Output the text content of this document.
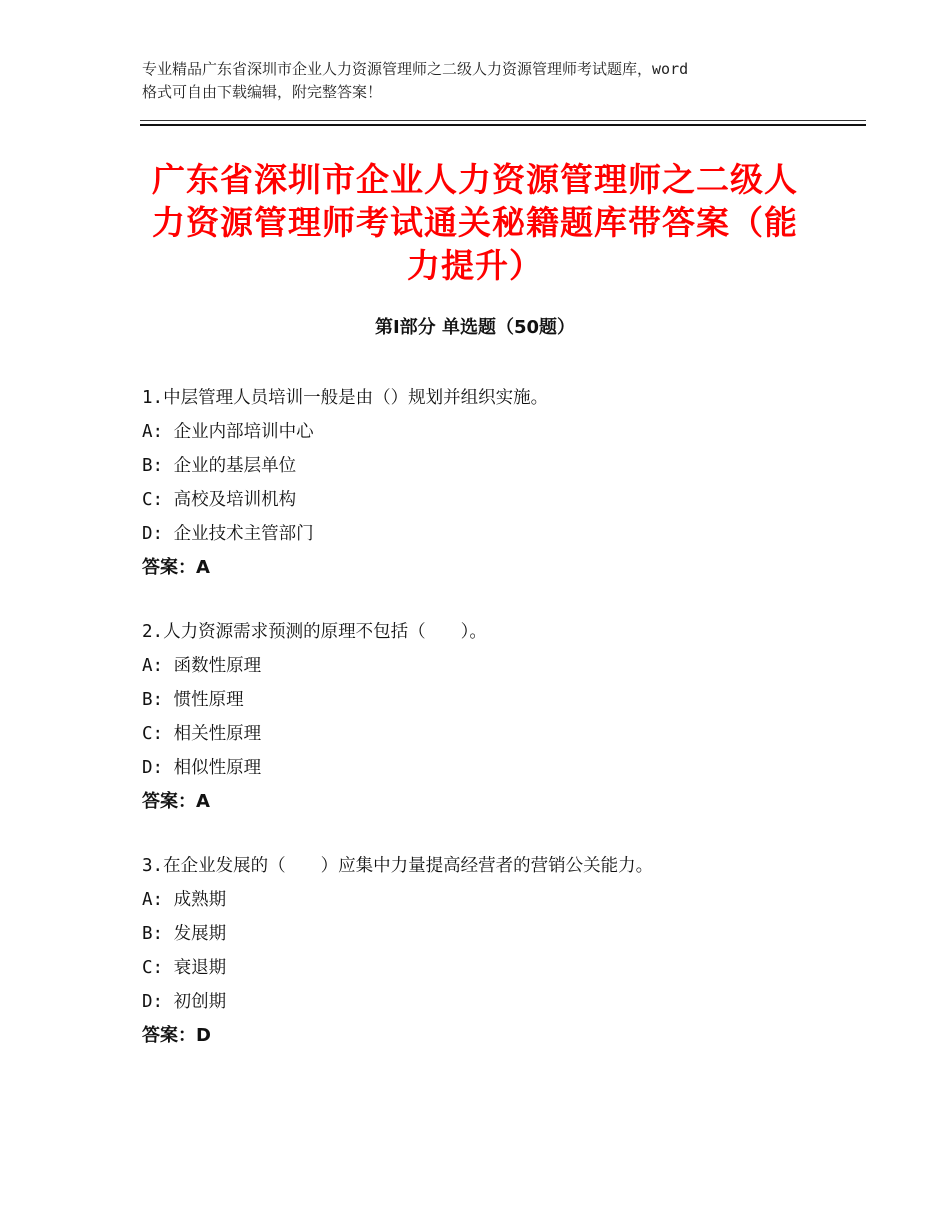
专业精品广东省深圳市企业人力资源管理师之二级人力资源管理师考试题库，word
格式可自由下载编辑，附完整答案！
广东省深圳市企业人力资源管理师之二级人
力资源管理师考试通关秘籍题库带答案（能
力提升）
第Ⅰ部分 单选题（50题）
1.中层管理人员培训一般是由（）规划并组织实施。
A: 企业内部培训中心
B: 企业的基层单位
C: 高校及培训机构
D: 企业技术主管部门
答案：A
2.人力资源需求预测的原理不包括（　　）。
A: 函数性原理
B: 惯性原理
C: 相关性原理
D: 相似性原理
答案：A
3.在企业发展的（　　）应集中力量提高经营者的营销公关能力。
A: 成熟期
B: 发展期
C: 衰退期
D: 初创期
答案：D
